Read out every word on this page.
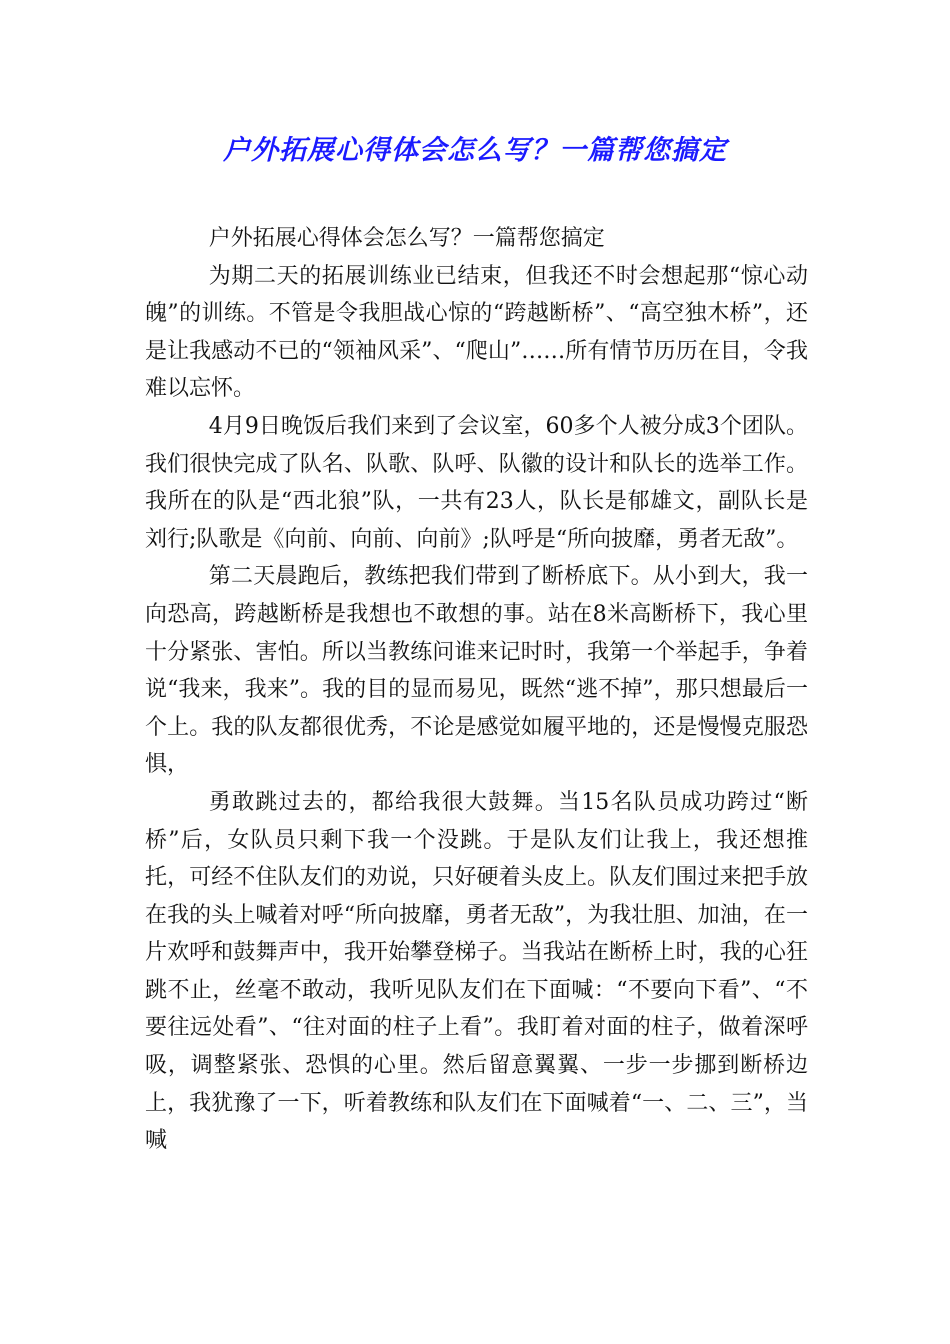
户外拓展心得体会怎么写？一篇帮您搞定

户外拓展心得体会怎么写？一篇帮您搞定

为期二天的拓展训练业已结束，但我还不时会想起那“惊心动魄”的训练。不管是令我胆战心惊的“跨越断桥”、“高空独木桥”，还是让我感动不已的“领袖风采”、“爬山”……所有情节历历在目，令我难以忘怀。

4月9日晚饭后我们来到了会议室，60多个人被分成3个团队。我们很快完成了队名、队歌、队呼、队徽的设计和队长的选举工作。我所在的队是“西北狼”队，一共有23人，队长是郁雄文，副队长是刘行;队歌是《向前、向前、向前》;队呼是“所向披靡，勇者无敌”。

第二天晨跑后，教练把我们带到了断桥底下。从小到大，我一向恐高，跨越断桥是我想也不敢想的事。站在8米高断桥下，我心里十分紧张、害怕。所以当教练问谁来记时时，我第一个举起手，争着说“我来，我来”。我的目的显而易见，既然“逃不掉”，那只想最后一个上。我的队友都很优秀，不论是感觉如履平地的，还是慢慢克服恐惧，

勇敢跳过去的，都给我很大鼓舞。当15名队员成功跨过“断桥”后，女队员只剩下我一个没跳。于是队友们让我上，我还想推托，可经不住队友们的劝说，只好硬着头皮上。队友们围过来把手放在我的头上喊着对呼“所向披靡，勇者无敌”，为我壮胆、加油，在一片欢呼和鼓舞声中，我开始攀登梯子。当我站在断桥上时，我的心狂跳不止，丝毫不敢动，我听见队友们在下面喊：“不要向下看”、“不要往远处看”、“往对面的柱子上看”。我盯着对面的柱子，做着深呼吸，调整紧张、恐惧的心里。然后留意翼翼、一步一步挪到断桥边上，我犹豫了一下，听着教练和队友们在下面喊着“一、二、三”，当喊
